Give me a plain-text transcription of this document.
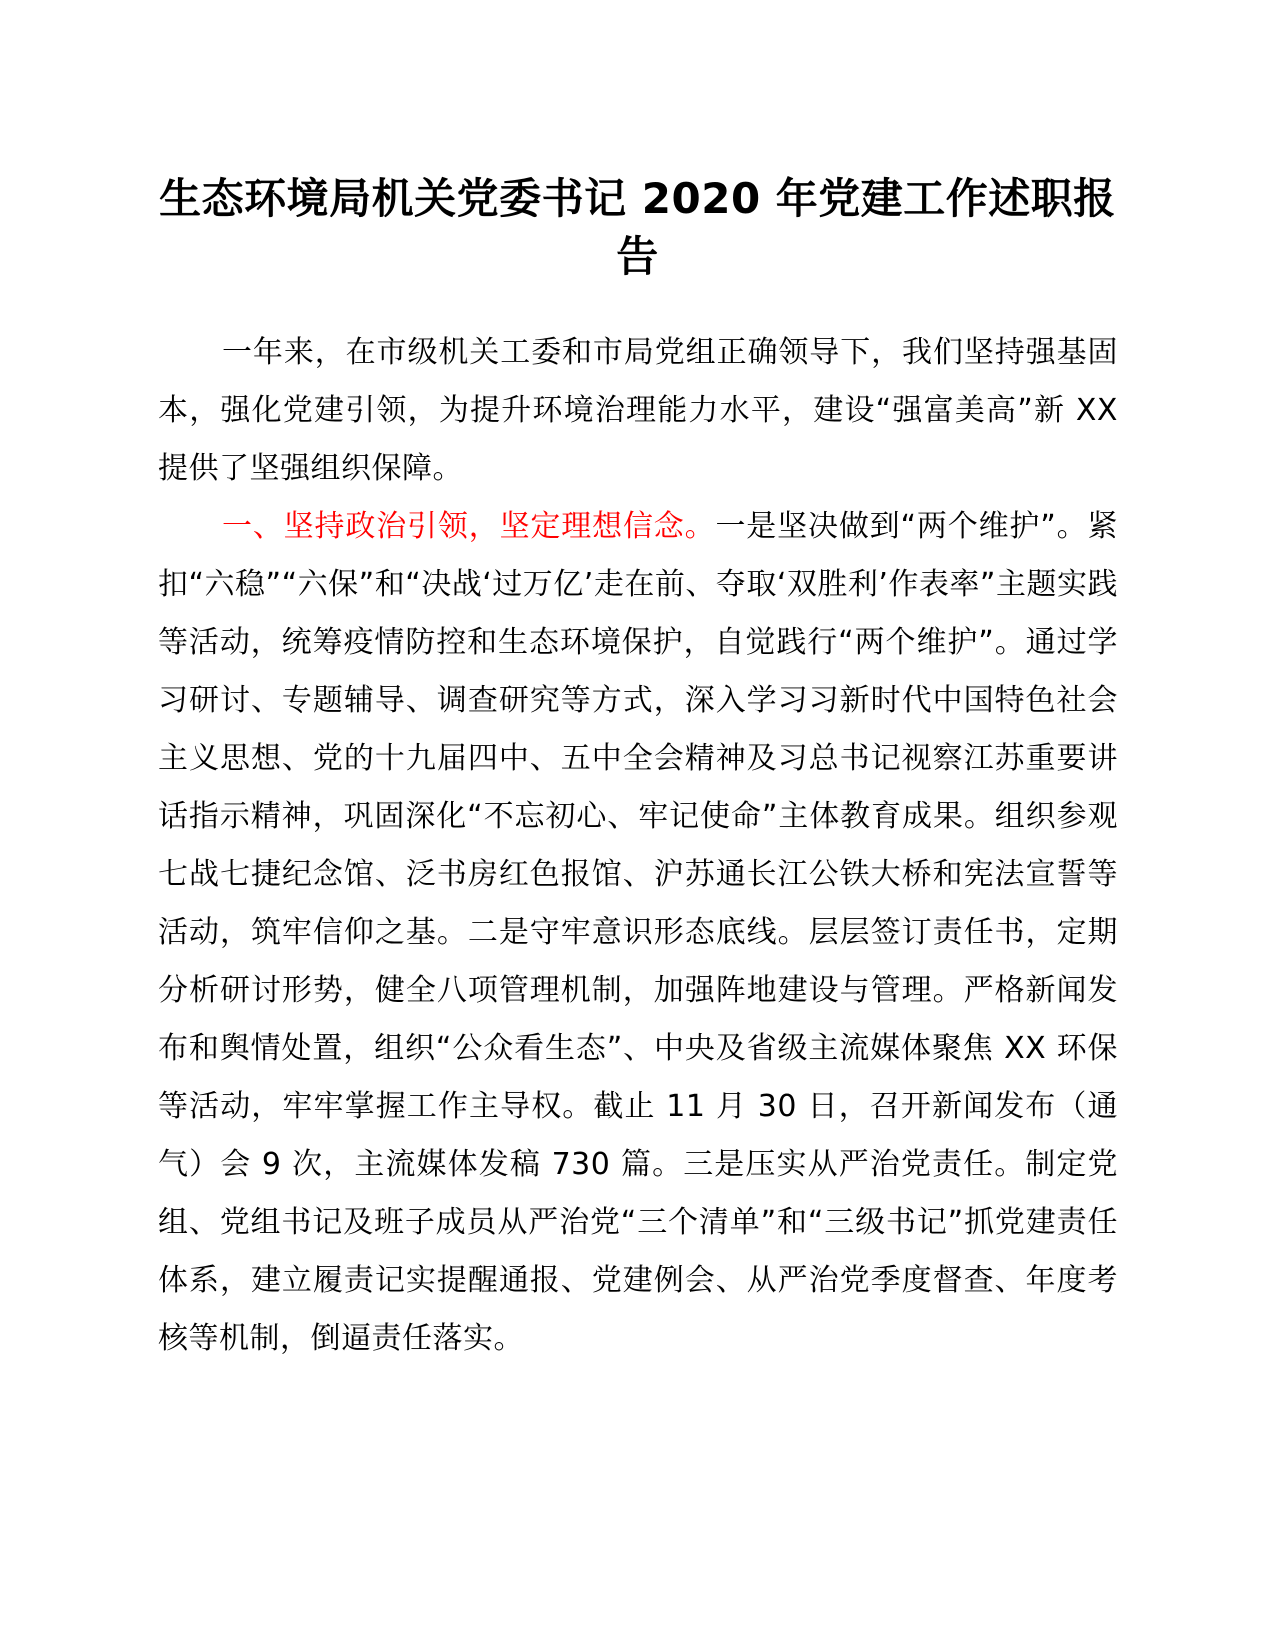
生态环境局机关党委书记 2020 年党建工作述职报告

一年来，在市级机关工委和市局党组正确领导下，我们坚持强基固本，强化党建引领，为提升环境治理能力水平，建设“强富美高”新 XX 提供了坚强组织保障。

一、坚持政治引领，坚定理想信念。一是坚决做到“两个维护”。紧扣“六稳”“六保”和“决战‘过万亿’走在前、夺取‘双胜利’作表率”主题实践等活动，统筹疫情防控和生态环境保护，自觉践行“两个维护”。通过学习研讨、专题辅导、调查研究等方式，深入学习习新时代中国特色社会主义思想、党的十九届四中、五中全会精神及习总书记视察江苏重要讲话指示精神，巩固深化“不忘初心、牢记使命”主体教育成果。组织参观七战七捷纪念馆、泛书房红色报馆、沪苏通长江公铁大桥和宪法宣誓等活动，筑牢信仰之基。二是守牢意识形态底线。层层签订责任书，定期分析研讨形势，健全八项管理机制，加强阵地建设与管理。严格新闻发布和舆情处置，组织“公众看生态”、中央及省级主流媒体聚焦 XX 环保等活动，牢牢掌握工作主导权。截止 11 月 30 日，召开新闻发布（通气）会 9 次，主流媒体发稿 730 篇。三是压实从严治党责任。制定党组、党组书记及班子成员从严治党“三个清单”和“三级书记”抓党建责任体系，建立履责记实提醒通报、党建例会、从严治党季度督查、年度考核等机制，倒逼责任落实。
